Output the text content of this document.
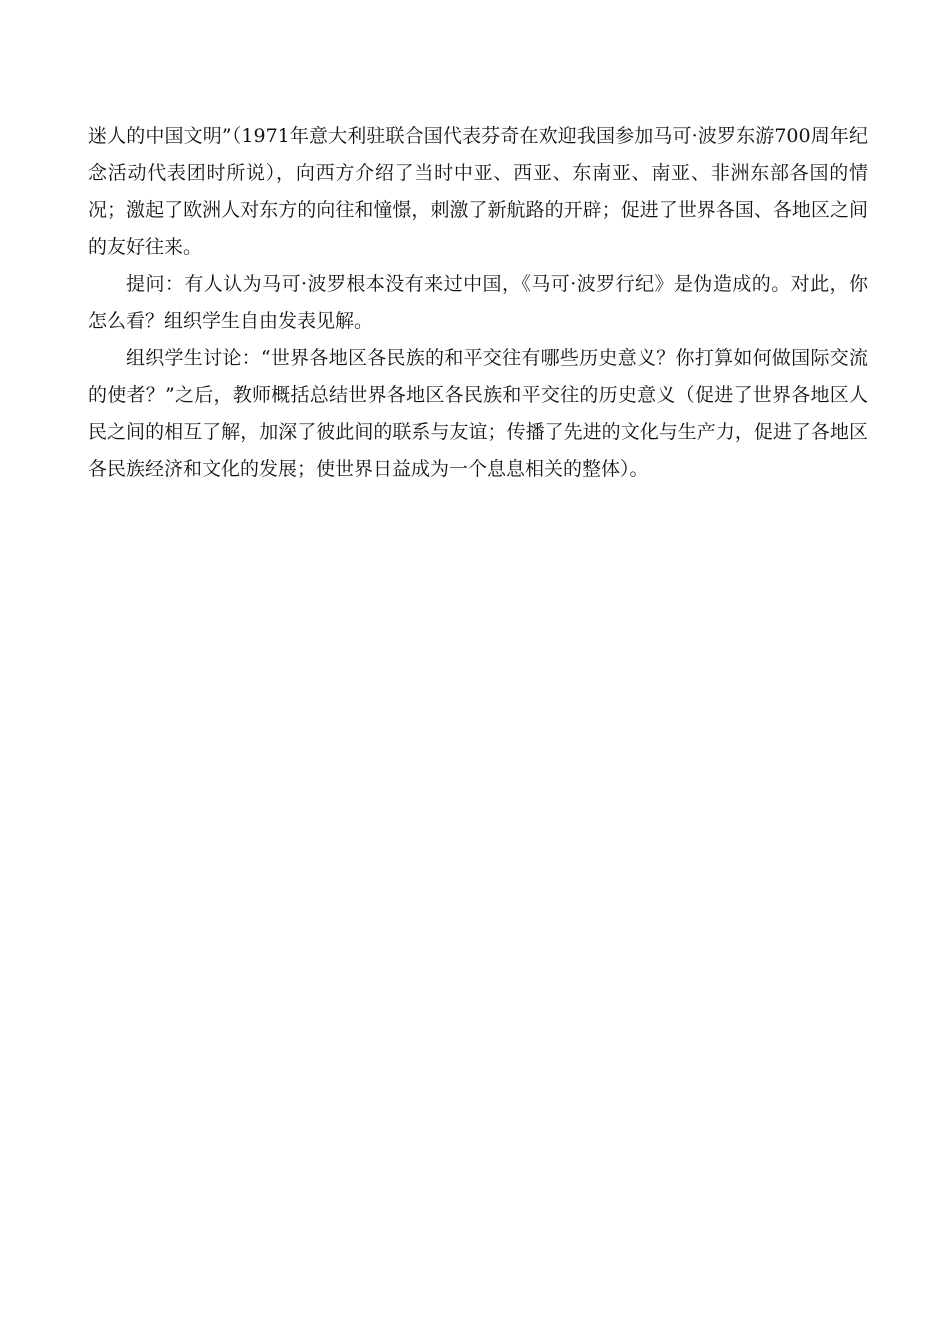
迷人的中国文明”（1971年意大利驻联合国代表芬奇在欢迎我国参加马可·波罗东游700周年纪念活动代表团时所说），向西方介绍了当时中亚、西亚、东南亚、南亚、非洲东部各国的情况；激起了欧洲人对东方的向往和憧憬，刺激了新航路的开辟；促进了世界各国、各地区之间的友好往来。

提问：有人认为马可·波罗根本没有来过中国，《马可·波罗行纪》是伪造成的。对此，你怎么看？组织学生自由发表见解。

组织学生讨论：“世界各地区各民族的和平交往有哪些历史意义？你打算如何做国际交流的使者？”之后，教师概括总结世界各地区各民族和平交往的历史意义（促进了世界各地区人民之间的相互了解，加深了彼此间的联系与友谊；传播了先进的文化与生产力，促进了各地区各民族经济和文化的发展；使世界日益成为一个息息相关的整体）。
